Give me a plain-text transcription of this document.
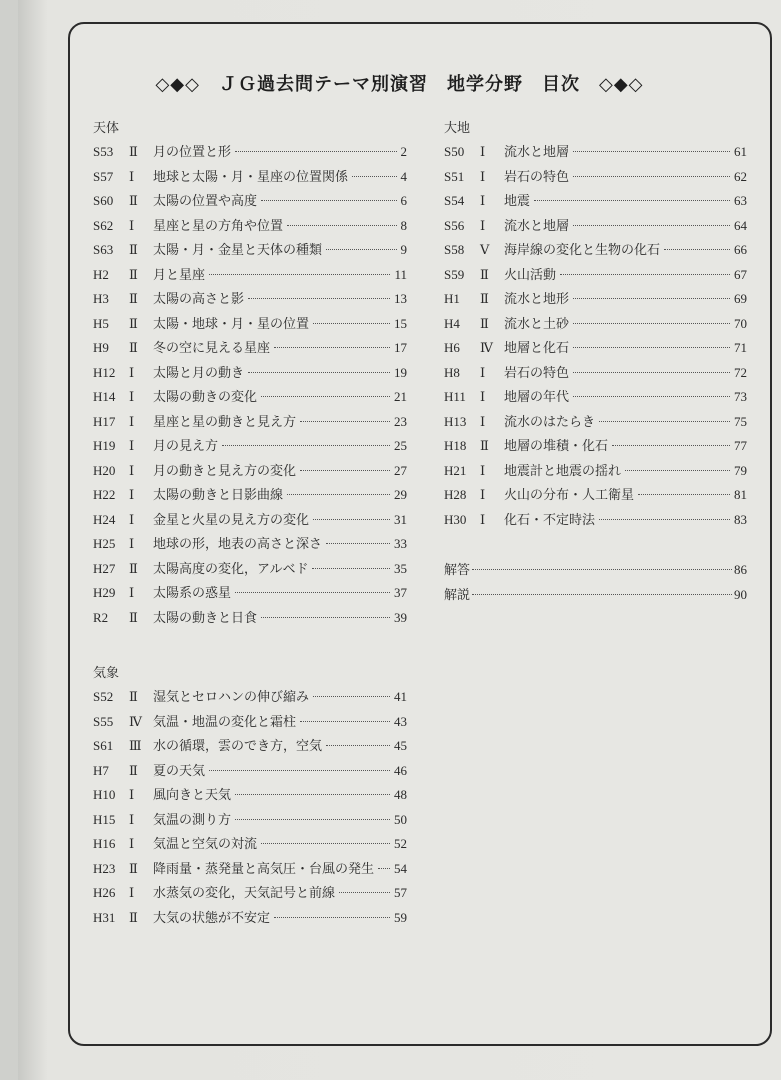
◇◆◇　ＪＧ過去問テーマ別演習　地学分野　目次　◇◆◇
天体
S53	Ⅱ	月の位置と形	2
S57	Ⅰ	地球と太陽・月・星座の位置関係	4
S60	Ⅱ	太陽の位置や高度	6
S62	Ⅰ	星座と星の方角や位置	8
S63	Ⅱ	太陽・月・金星と天体の種類	9
H2	Ⅱ	月と星座	11
H3	Ⅱ	太陽の高さと影	13
H5	Ⅱ	太陽・地球・月・星の位置	15
H9	Ⅱ	冬の空に見える星座	17
H12	Ⅰ	太陽と月の動き	19
H14	Ⅰ	太陽の動きの変化	21
H17	Ⅰ	星座と星の動きと見え方	23
H19	Ⅰ	月の見え方	25
H20	Ⅰ	月の動きと見え方の変化	27
H22	Ⅰ	太陽の動きと日影曲線	29
H24	Ⅰ	金星と火星の見え方の変化	31
H25	Ⅰ	地球の形，地表の高さと深さ	33
H27	Ⅱ	太陽高度の変化，アルベド	35
H29	Ⅰ	太陽系の惑星	37
R2	Ⅱ	太陽の動きと日食	39
気象
S52	Ⅱ	湿気とセロハンの伸び縮み	41
S55	Ⅳ 気温・地温の変化と霜柱	43
S61	Ⅲ 水の循環，雲のでき方，空気	45
H7	Ⅱ	夏の天気	46
H10	Ⅰ	風向きと天気	48
H15	Ⅰ	気温の測り方	50
H16	Ⅰ	気温と空気の対流	52
H23	Ⅱ	降雨量・蒸発量と高気圧・台風の発生 54
H26	Ⅰ	水蒸気の変化，天気記号と前線	57
H31	Ⅱ	大気の状態が不安定	59
大地
S50	Ⅰ	流水と地層	61
S51	Ⅰ	岩石の特色	62
S54	Ⅰ	地震	63
S56	Ⅰ	流水と地層	64
S58	Ⅴ	海岸線の変化と生物の化石	66
S59	Ⅱ	火山活動	67
H1	Ⅱ	流水と地形	69
H4	Ⅱ	流水と土砂	70
H6	Ⅳ 地層と化石	71
H8	Ⅰ	岩石の特色	72
H11	Ⅰ	地層の年代	73
H13	Ⅰ	流水のはたらき	75
H18	Ⅱ	地層の堆積・化石	77
H21	Ⅰ	地震計と地震の揺れ	79
H28	Ⅰ	火山の分布・人工衛星	81
H30	Ⅰ	化石・不定時法	83
解答	86
解説	90
